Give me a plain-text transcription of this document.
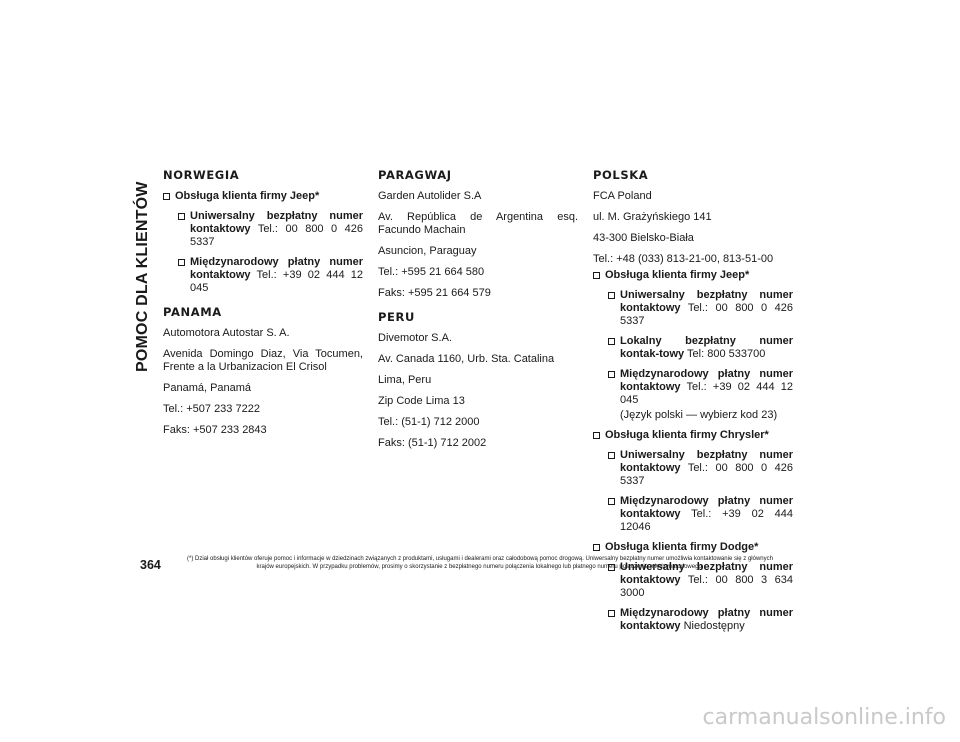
POMOC DLA KLIENTÓW
NORWEGIA
Obsługa klienta firmy Jeep*
Uniwersalny bezpłatny numer kontaktowy Tel.: 00 800 0 426 5337
Międzynarodowy płatny numer kontaktowy Tel.: +39 02 444 12 045
PANAMA

Automotora Autostar S. A.

Avenida Domingo Diaz, Via Tocumen, Frente a la Urbanizacion El Crisol

Panamá, Panamá

Tel.: +507 233 7222

Faks: +507 233 2843

PARAGWAJ

Garden Autolider S.A

Av. República de Argentina esq. Facundo Machain

Asuncion, Paraguay

Tel.: +595 21 664 580

Faks: +595 21 664 579

PERU

Divemotor S.A.

Av. Canada 1160, Urb. Sta. Catalina

Lima, Peru

Zip Code Lima 13

Tel.: (51-1) 712 2000

Faks: (51-1) 712 2002

POLSKA

FCA Poland

ul. M. Grażyńskiego 141

43-300 Bielsko-Biała

Tel.: +48 (033) 813-21-00, 813-51-00

Obsługa klienta firmy Jeep*
Uniwersalny bezpłatny numer kontaktowy Tel.: 00 800 0 426 5337
Lokalny bezpłatny numer kontak-towy Tel: 800 533700
Międzynarodowy płatny numer kontaktowy Tel.: +39 02 444 12 045
(Język polski — wybierz kod 23)
Obsługa klienta firmy Chrysler*
Uniwersalny bezpłatny numer kontaktowy Tel.: 00 800 0 426 5337
Międzynarodowy płatny numer kontaktowy Tel.: +39 02 444 12046
Obsługa klienta firmy Dodge*
Uniwersalny bezpłatny numer kontaktowy Tel.: 00 800 3 634 3000
Międzynarodowy płatny numer kontaktowy Niedostępny
364	(*) Dział obsługi klientów oferuje pomoc i informacje w dziedzinach związanych z produktami, usługami i dealerami oraz całodobową pomoc drogową. Uniwersalny bezpłatny numer umożliwia kontaktowanie się z głównych krajów europejskich. W przypadku problemów, prosimy o skorzystanie z bezpłatnego numeru połączenia lokalnego lub płatnego numeru połączenia międzynarodowego.
carmanualsonline.info
